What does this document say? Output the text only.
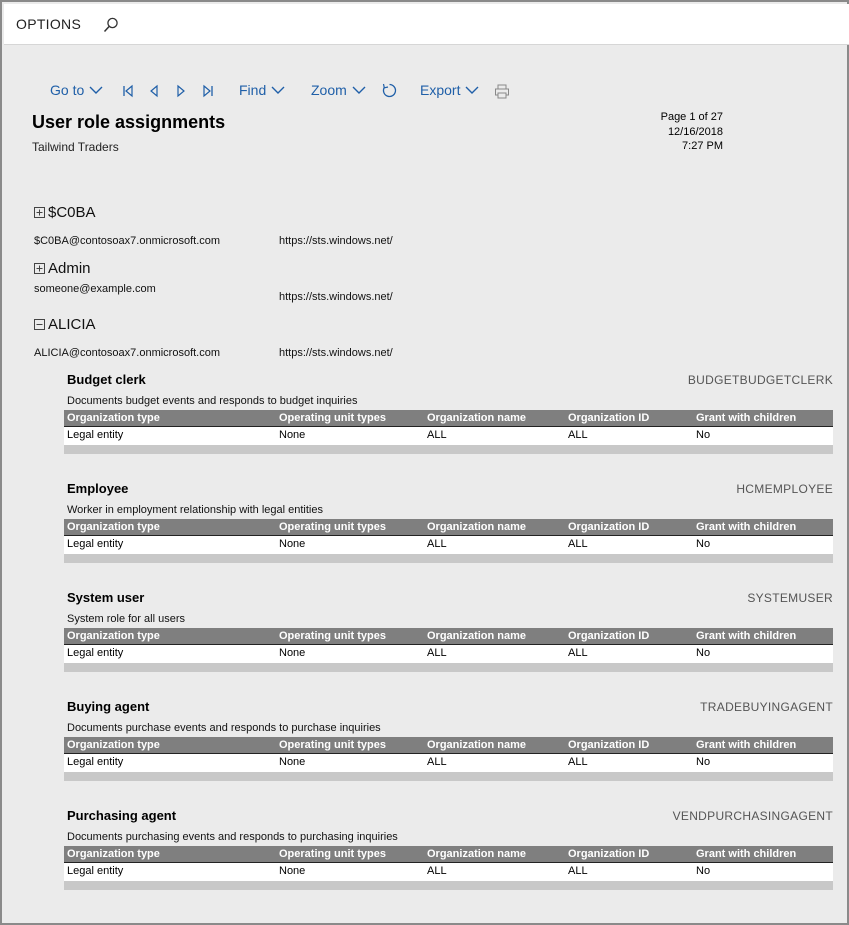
OPTIONS
Go to	Find	Zoom	Export
User role assignments
Tailwind Traders
Page 1 of 27
12/16/2018
7:27 PM
$C0BA
$C0BA@contosoax7.onmicrosoft.com	https://sts.windows.net/
Admin
someone@example.com
https://sts.windows.net/
ALICIA
ALICIA@contosoax7.onmicrosoft.com	https://sts.windows.net/
Budget clerk	BUDGETBUDGETCLERK
Documents budget events and responds to budget inquiries
Organization type	Operating unit types	Organization name	Organization ID	Grant with children
Legal entity	None	ALL	ALL	No
Employee	HCMEMPLOYEE
Worker in employment relationship with legal entities
Organization type	Operating unit types	Organization name	Organization ID	Grant with children
Legal entity	None	ALL	ALL	No
System user	SYSTEMUSER
System role for all users
Organization type	Operating unit types	Organization name	Organization ID	Grant with children
Legal entity	None	ALL	ALL	No
Buying agent	TRADEBUYINGAGENT
Documents purchase events and responds to purchase inquiries
Organization type	Operating unit types	Organization name	Organization ID	Grant with children
Legal entity	None	ALL	ALL	No
Purchasing agent	VENDPURCHASINGAGENT
Documents purchasing events and responds to purchasing inquiries
Organization type	Operating unit types	Organization name	Organization ID	Grant with children
Legal entity	None	ALL	ALL	No
